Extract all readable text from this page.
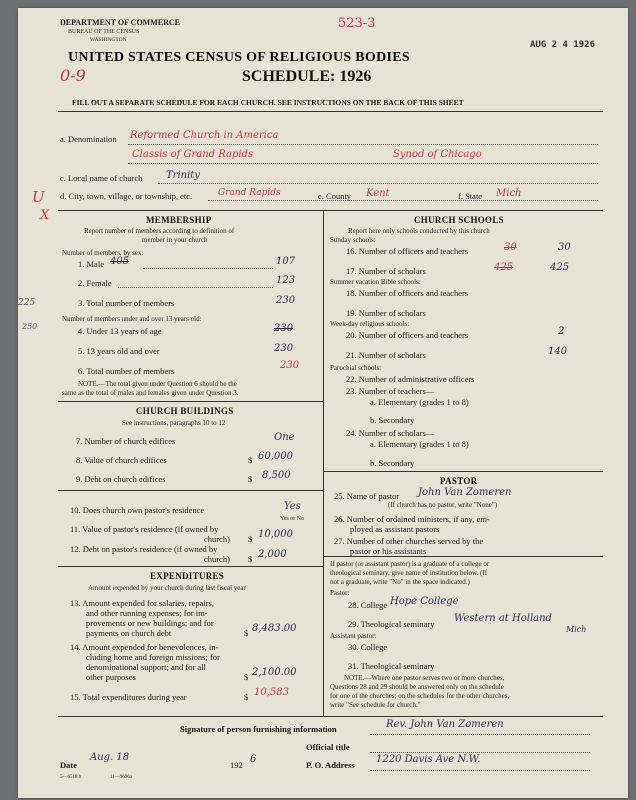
DEPARTMENT OF COMMERCE
BUREAU OF THE CENSUS
WASHINGTON
523-3
AUG 2 4 1926
0-9
UNITED STATES CENSUS OF RELIGIOUS BODIES
SCHEDULE: 1926
FILL OUT A SEPARATE SCHEDULE FOR EACH CHURCH. SEE INSTRUCTIONS ON THE BACK OF THIS SHEET
a. Denomination Reformed Church in America
Classis of Grand Rapids	Synod of Chicago
c. Local name of church Trinity
d. City, town, village, or township, etc.	Grand Rapids	e. County Kent	f. State Mich
U
X	MEMBERSHIP
Report number of members according to definition of
member in your church
Number of members, by sex:
1. Male 405	107
2. Female	123
3. Total number of members	230
Number of members under and over 13 years old:
4. Under 13 years of age	230
5. 13 years old and over	230
6. Total number of members	230
NOTE.—The total given under Question 6 should be the
same as the total of males and females given under Question 3.
225
250
CHURCH BUILDINGS
See instructions, paragraphs 10 to 12
7. Number of church edifices	One
8. Value of church edifices	$ 60,000
9. Debt on church edifices	$ 8,500
10. Does church own pastor's residence	Yes
Yes or No
11. Value of pastor's residence (if owned by
church) $ 10,000
12. Debt on pastor's residence (if owned by
church) $ 2,000
EXPENDITURES
Amount expended by your church during last fiscal year
13. Amount expended for salaries, repairs,
and other running expenses; for im-
provements or new buildings; and for
payments on church debt	$ 8,483.00
14. Amount expended for benevolences, in-
cluding home and foreign missions; for
denominational support; and for all
other purposes	$ 2,100.00
15. Total expenditures during year	$ 10,583
CHURCH SCHOOLS
Report here only schools conducted by this church
Sunday schools:
16. Number of officers and teachers	30	30
17. Number of scholars	425	425
Summer vacation Bible schools:
18. Number of officers and teachers
19. Number of scholars
Week-day religious schools:
20. Number of officers and teachers	2
21. Number of scholars	140
Parochial schools:
22. Number of administrative officers
23. Number of teachers—
a. Elementary (grades 1 to 8)
b. Secondary
24. Number of scholars—
a. Elementary (grades 1 to 8)
b. Secondary
PASTOR
25. Name of pastor John Van Zomeren
(If church has no pastor, write "None")
26. Number of ordained ministers, if any, em-
ployed as assistant pastors
27. Number of other churches served by the
pastor or his assistants
If pastor (or assistant pastor) is a graduate of a college or
theological seminary, give name of institution below. (If
not a graduate, write "No" in the space indicated.)
Pastor:
28. College Hope College
29. Theological seminary Western at Holland
Mich
Assistant pastor:
30. College
31. Theological seminary
NOTE.—Where one pastor serves two or more churches,
Questions 28 and 29 should be answered only on the schedule
for one of the churches; on the schedules for the other churches,
write "See schedule for church."
Signature of person furnishing information	Rev. John Van Zomeren
Official title
Date
Aug. 18
192 6	P. O. Address 1220 Davis Ave N.W.
5—6518 b	11—9696a
